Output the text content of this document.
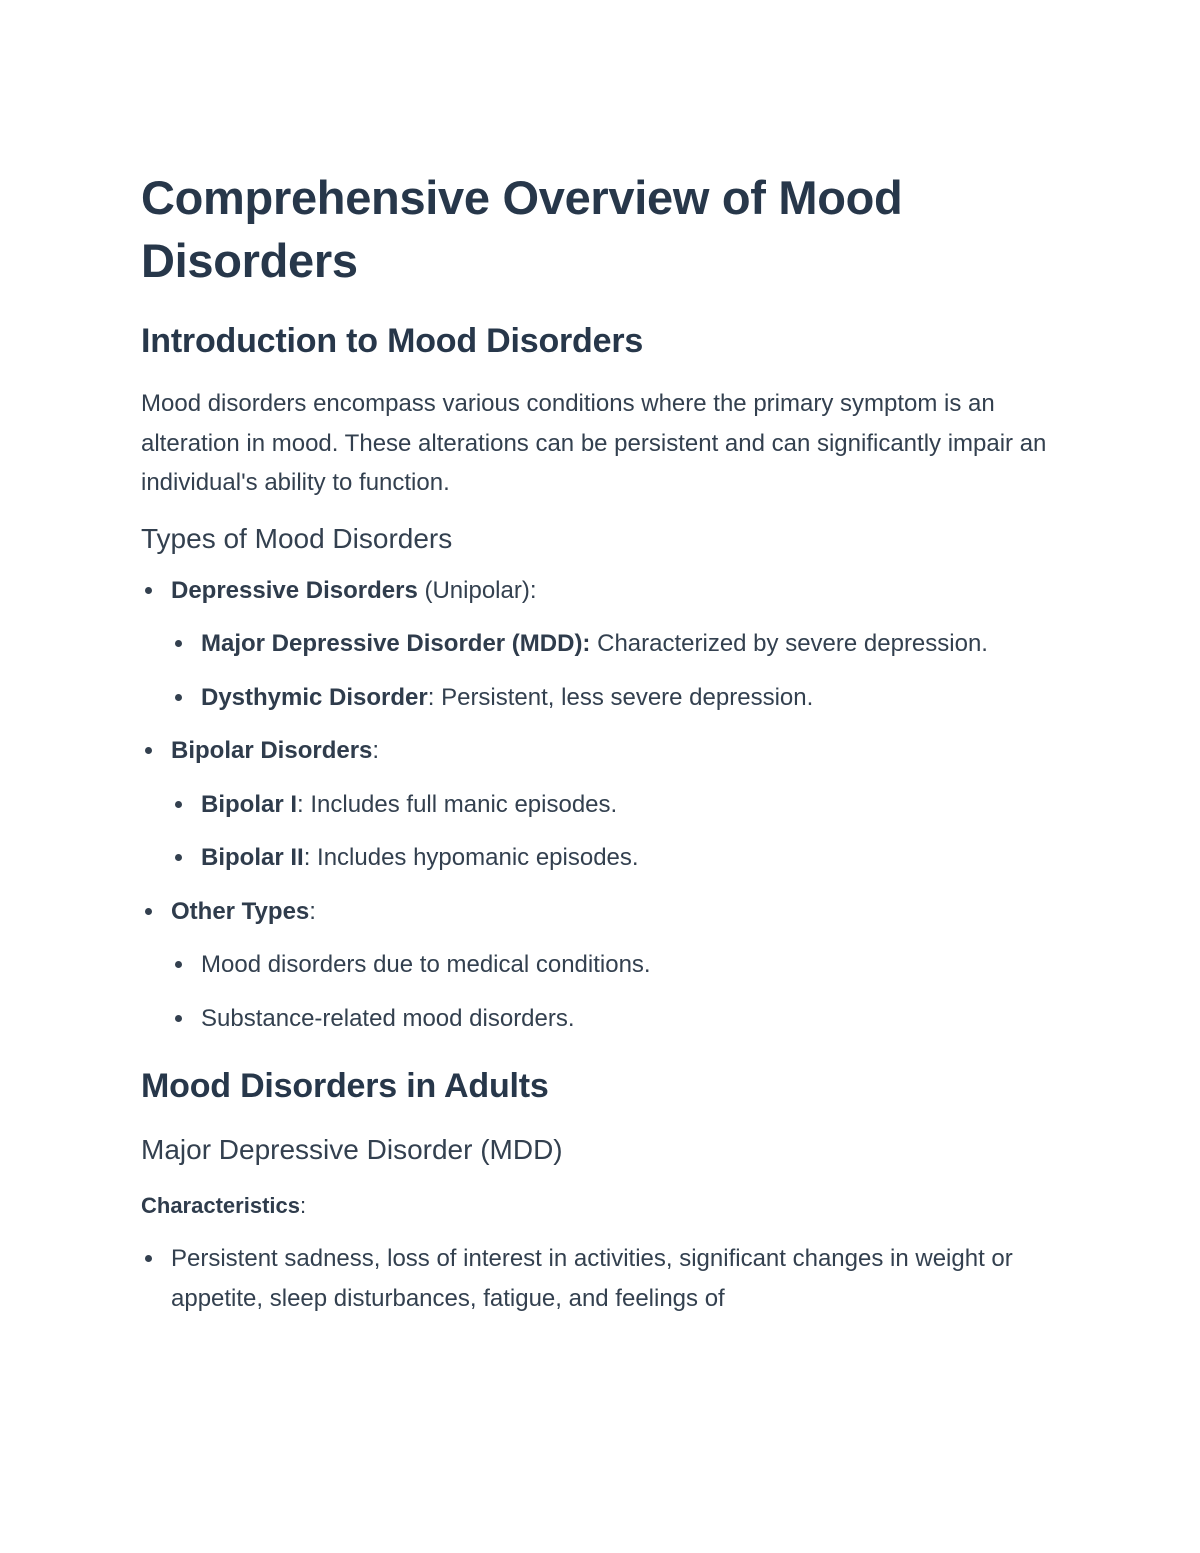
Comprehensive Overview of Mood Disorders
Introduction to Mood Disorders

Mood disorders encompass various conditions where the primary symptom is an alteration in mood. These alterations can be persistent and can significantly impair an individual's ability to function.

Types of Mood Disorders
Depressive Disorders (Unipolar):
Major Depressive Disorder (MDD): Characterized by severe depression.
Dysthymic Disorder: Persistent, less severe depression.
Bipolar Disorders:
Bipolar I: Includes full manic episodes.
Bipolar II: Includes hypomanic episodes.
Other Types:
Mood disorders due to medical conditions.
Substance-related mood disorders.
Mood Disorders in Adults
Major Depressive Disorder (MDD)
Characteristics:
Persistent sadness, loss of interest in activities, significant changes in weight or appetite, sleep disturbances, fatigue, and feelings of
